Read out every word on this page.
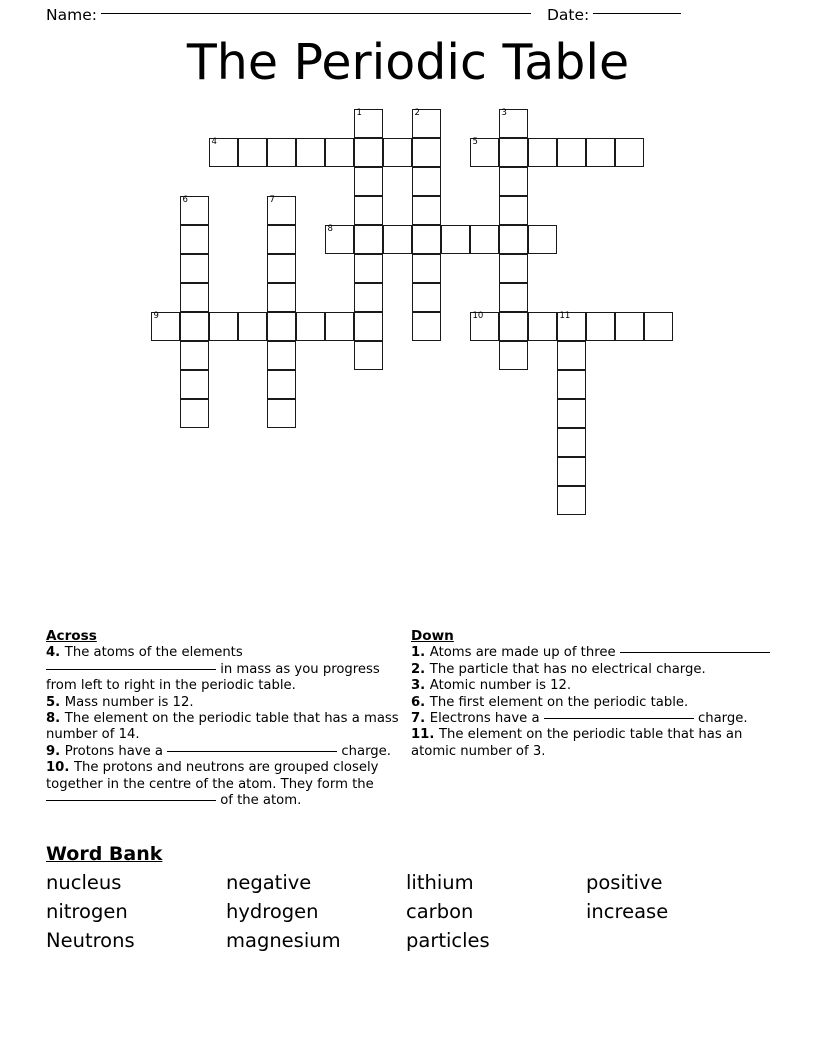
Name:	Date:
The Periodic Table
1	2	3
4	5
6	7
8
9	10	11
Across

4. The atoms of the elements  in mass as you progress from left to right in the periodic table.

5. Mass number is 12.

8. The element on the periodic table that has a mass number of 14.

9. Protons have a	charge.

10. The protons and neutrons are grouped closely together in the centre of the atom. They form the  of the atom.

Down

1. Atoms are made up of three

2. The particle that has no electrical charge.

3. Atomic number is 12.

6. The first element on the periodic table.

7. Electrons have a	charge.

11. The element on the periodic table that has an atomic number of 3.

Word Bank
nucleus	negative	lithium	positive
nitrogen	hydrogen	carbon	increase
Neutrons	magnesium	particles
